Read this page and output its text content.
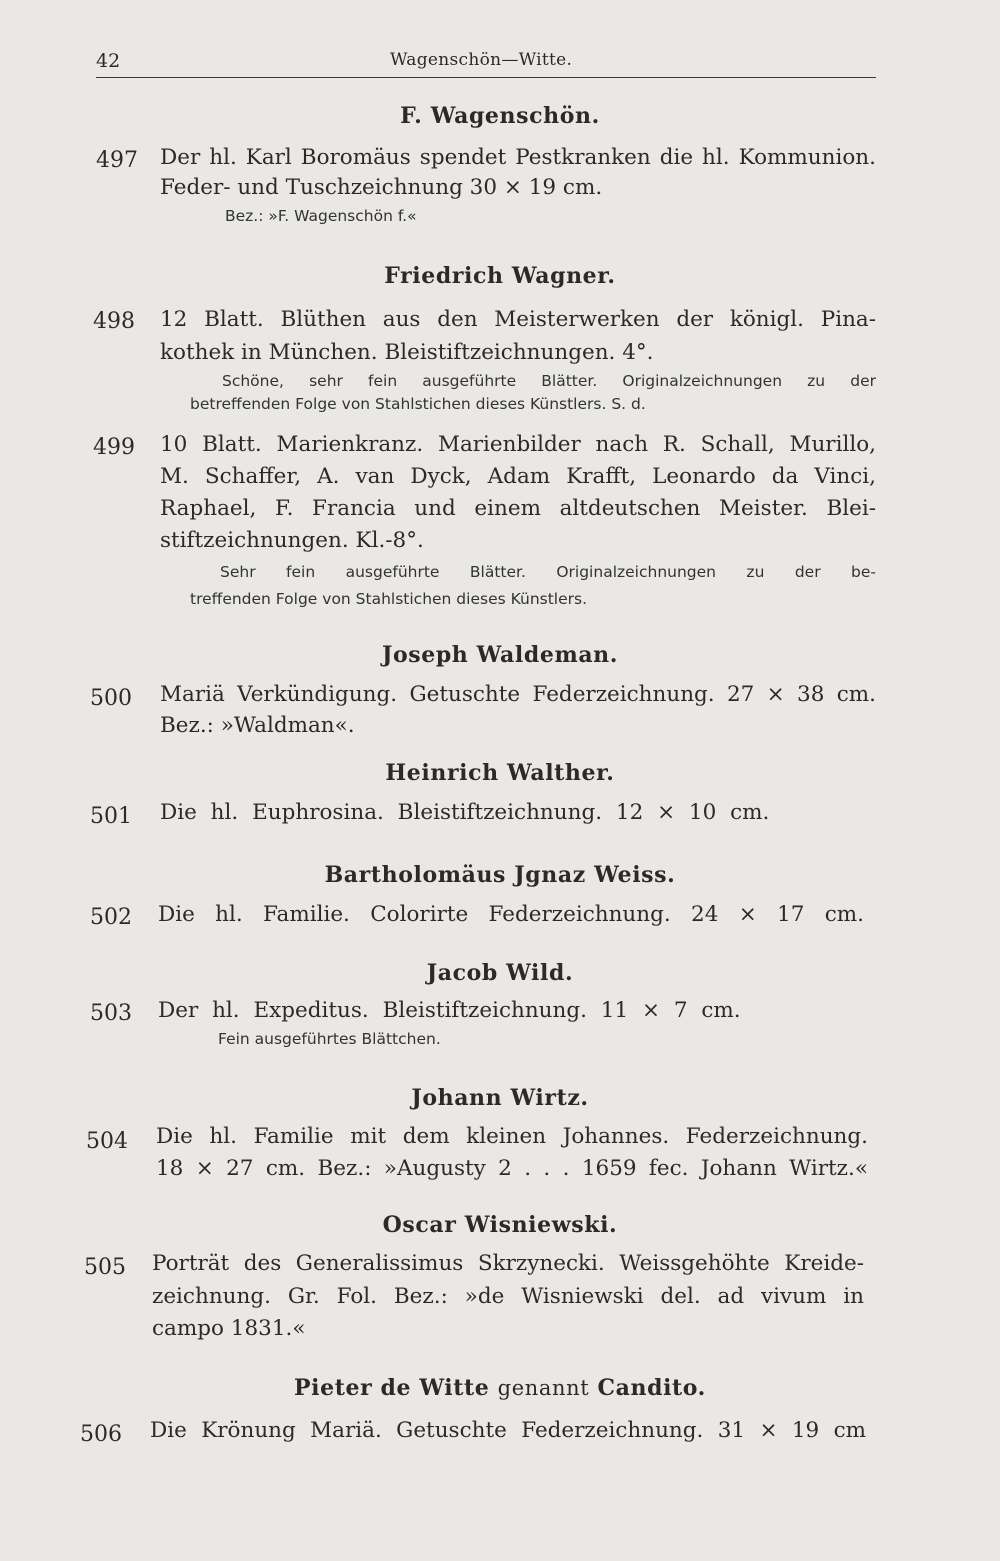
42	Wagenschön—Witte.
F. Wagenschön.
497 Der hl. Karl Boromäus spendet Pestkranken die hl. Kommunion.
Feder- und Tuschzeichnung 30 × 19 cm.
Bez.: »F. Wagenschön f.«
Friedrich Wagner.
498 12 Blatt. Blüthen aus den Meisterwerken der königl. Pina-
kothek in München. Bleistiftzeichnungen. 4°.
Schöne, sehr fein ausgeführte Blätter. Originalzeichnungen zu der
betreffenden Folge von Stahlstichen dieses Künstlers. S. d.
499 10 Blatt. Marienkranz. Marienbilder nach R. Schall, Murillo,
M. Schaffer, A. van Dyck, Adam Krafft, Leonardo da Vinci,
Raphael, F. Francia und einem altdeutschen Meister. Blei-
stiftzeichnungen. Kl.-8°.
Sehr fein ausgeführte Blätter. Originalzeichnungen zu der be-
treffenden Folge von Stahlstichen dieses Künstlers.
Joseph Waldeman.
500 Mariä Verkündigung. Getuschte Federzeichnung. 27 × 38 cm.
Bez.: »Waldman«.
Heinrich Walther.
501 Die hl. Euphrosina. Bleistiftzeichnung. 12 × 10 cm.
Bartholomäus Jgnaz Weiss.
502 Die hl. Familie. Colorirte Federzeichnung. 24 × 17 cm.
Jacob Wild.
503 Der hl. Expeditus. Bleistiftzeichnung. 11 × 7 cm.
Fein ausgeführtes Blättchen.
Johann Wirtz.
504 Die hl. Familie mit dem kleinen Johannes. Federzeichnung.
18 × 27 cm. Bez.: »Augusty 2 . . . 1659 fec. Johann Wirtz.«
Oscar Wisniewski.
505 Porträt des Generalissimus Skrzynecki. Weissgehöhte Kreide-
zeichnung. Gr. Fol. Bez.: »de Wisniewski del. ad vivum in
campo 1831.«
Pieter de Witte genannt Candito.
506 Die Krönung Mariä. Getuschte Federzeichnung. 31 × 19 cm
